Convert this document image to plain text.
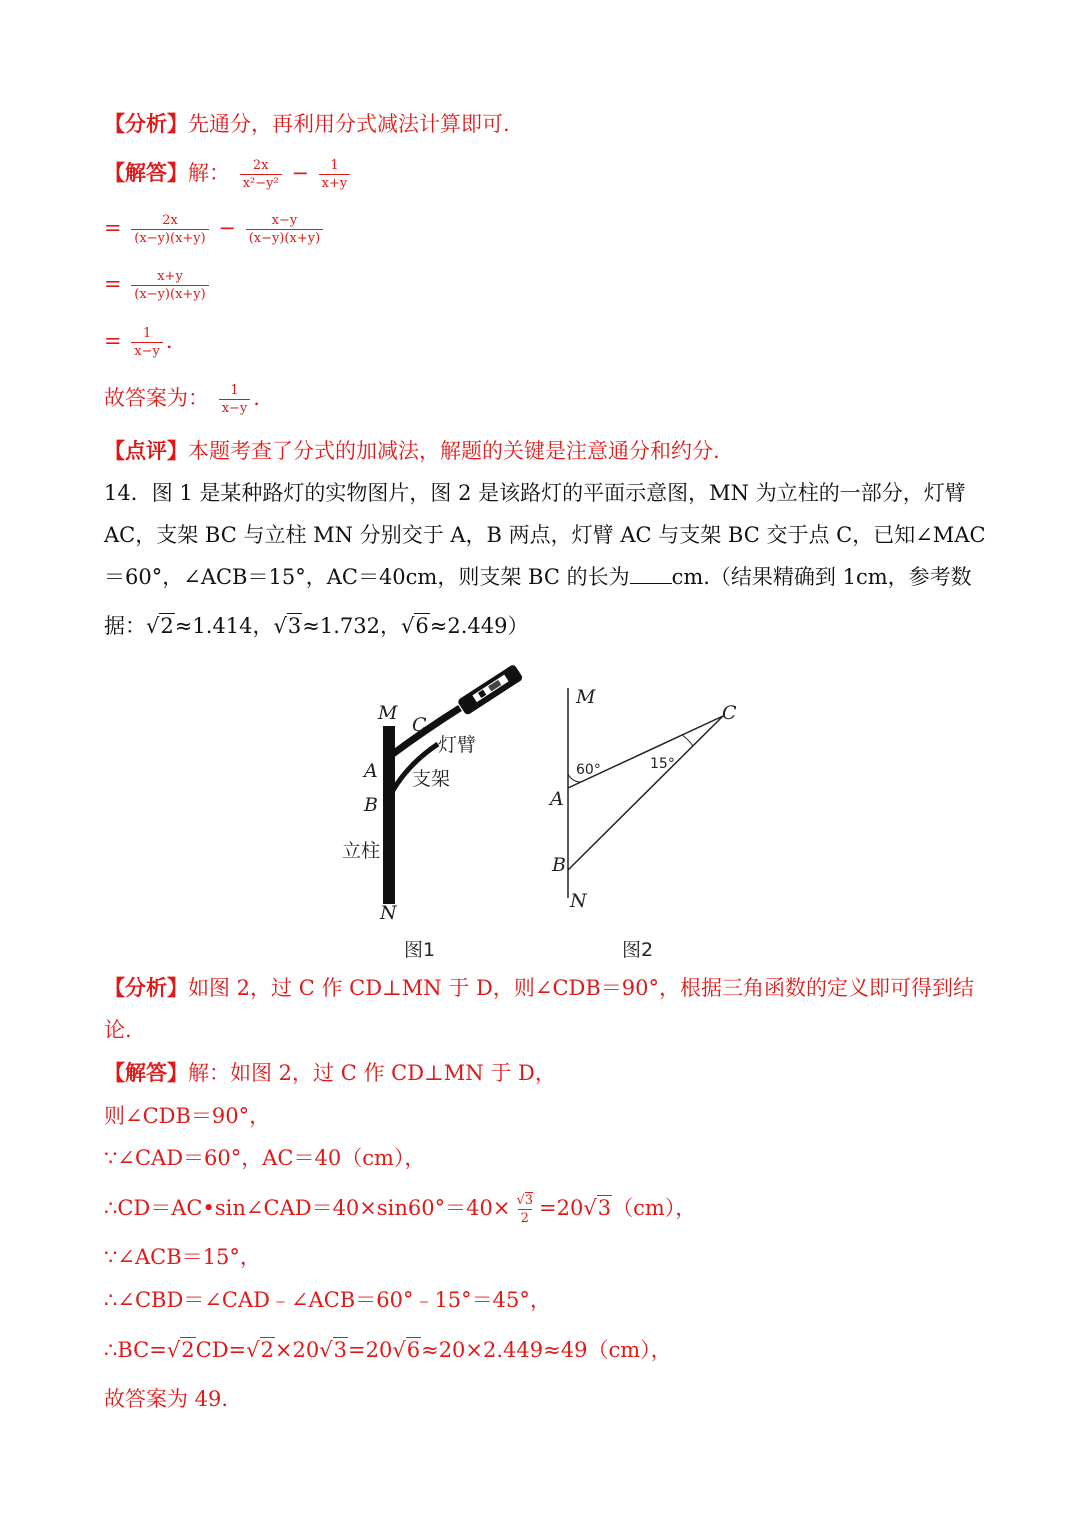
【分析】先通分，再利用分式减法计算即可.
【解答】解： $\frac{2x}{\text{x²−y²}} - \frac{1}{x+y}$
= $\frac{2x}{(x-y)(x+y)} - \frac{x-y}{(x-y)(x+y)}$
= $\frac{x+y}{(x-y)(x+y)}$
= $\frac{1}{x-y}$ .
故答案为： $\frac{1}{x-y}$ .
【点评】本题考查了分式的加减法，解题的关键是注意通分和约分.
14．图 1 是某种路灯的实物图片，图 2 是该路灯的平面示意图，MN 为立柱的一部分，灯臂
AC，支架 BC 与立柱 MN 分别交于 A，B 两点，灯臂 AC 与支架 BC 交于点 C，已知∠MAC
＝60°，∠ACB＝15°，AC＝40cm，则支架 BC 的长为 cm.（结果精确到 1cm，参考数
据：√2≈1.414，√3≈1.732，√6≈2.449）
M
C
灯臂
A 支架
B
立柱
N
图1
M
C
60°	15°
A
B
N
图2
【分析】如图 2，过 C 作 CD⊥MN 于 D，则∠CDB＝90°，根据三角函数的定义即可得到结
论.
【解答】解：如图 2，过 C 作 CD⊥MN 于 D，
则∠CDB＝90°，
∵∠CAD＝60°，AC＝40（cm），
∴CD＝AC•sin∠CAD＝40×sin60°＝40× $\frac{√3}{2} =20√3(cm)$，
∵∠ACB＝15°，
∴∠CBD＝∠CAD﹣∠ACB＝60°﹣15°＝45°，
∴BC=√2CD=√2×20√3=20√6≈20×2.449≈49（cm），
故答案为 49.
